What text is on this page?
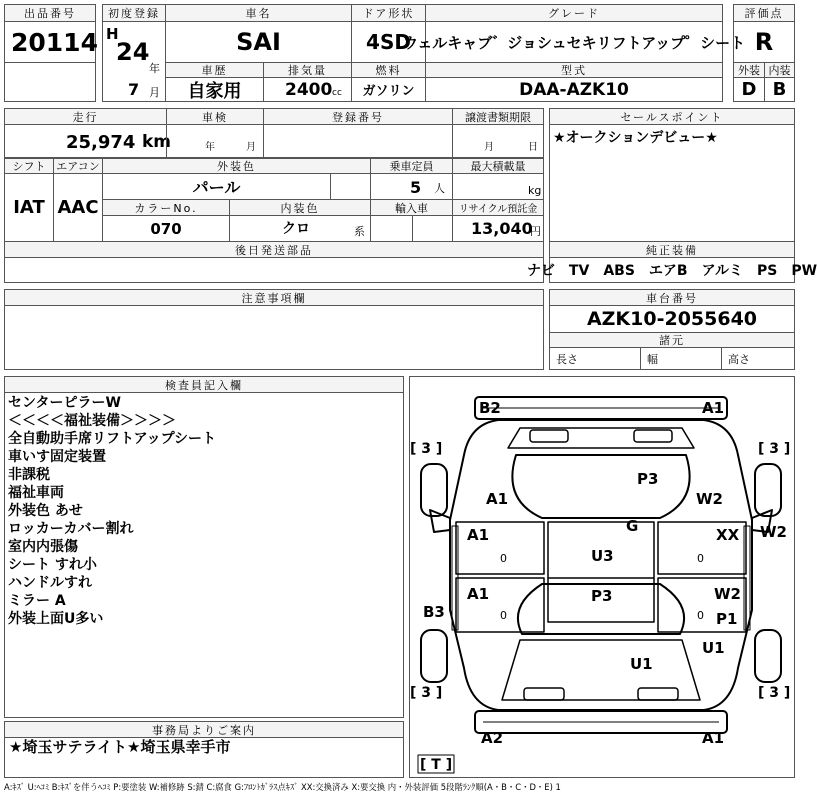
出品番号
20114
初度登録
H
24
年
7 月
車名
SAI
ドア形状
4SD
グレード
ウェルキャブ゛ジョシュセキリフトアップ゜シート
評価点
R
車歴
自家用
排気量
2400 cc
燃料
ガソリン
型式
DAA-AZK10
外装 内装
D B
走行
25,974 km
車検
年	月
登録番号	譲渡書類期限
月	日
セールスポイント
★オークションデビュー★
シフト
IAT
エアコン
AAC
外装色
パール
乗車定員
5 人
最大積載量
kg
カラーNo.
070
内装色
クロ	系
輸入車	リサイクル預託金
13,040
円
後日発送部品	純正装備
ナビ　TV　ABS　エアB　アルミ　PS　PW
注意事項欄	車台番号
AZK10-2055640
諸元
長さ	幅	高さ
検査員記入欄
センターピラーW
＜＜＜＜福祉装備＞＞＞＞
全自動助手席リフトアップシート
車いす固定装置
非課税
福祉車両
外装色 あせ
ロッカーカバー割れ
室内内張傷
シート すれ小
ハンドルすれ
ミラー A
外装上面U多い
[ 3 ]	[ 3 ]
[ 3 ]	[ 3 ]
[ T ]
B2	A1
P3
A1	W2
G
A1	XX W2
U3
A1	P3	W2
B3	P1
U1
U1
A2	A1
0
0
0
0
事務局よりご案内
★埼玉サテライト★埼玉県幸手市
A:ｷｽﾞ U:ﾍｺﾐ B:ｷｽﾞを伴うﾍｺﾐ P:要塗装 W:補修跡 S:錆 C:腐食 G:ﾌﾛﾝﾄｶﾞﾗｽ点ｷｽﾞ XX:交換済み X:要交換 内・外装評価 5段階ﾗﾝｸ順(A・B・C・D・E) 1
